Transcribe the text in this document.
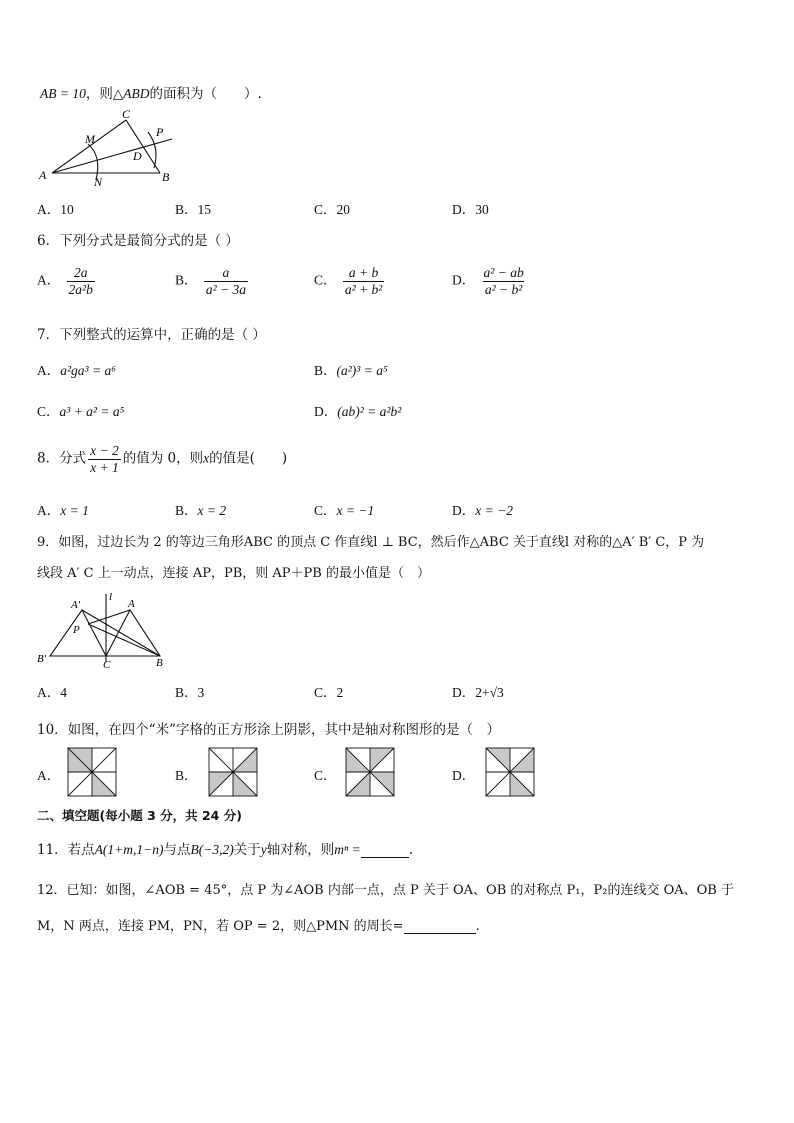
AB = 10，则△ABD的面积为（　　）.
A	B
C
D
M
N
P
A．10	B．15	C．20	D．30
6．下列分式是最简分式的是（ ）
A． $\frac{2a}{\text{2a²b}}$	B． $\frac{a}{\text{a² − 3a}}$	C． $\frac{a + b}{\text{a² + b²}}$	D． $\frac{\text{a² − ab}}{\text{a² − b²}}$
7．下列整式的运算中，正确的是（ ）
A．a²ga³ = a⁶	B．(a²)³ = a⁵
C．a³ + a² = a⁵	D．(ab)² = a²b²
8．分式 $\frac{x - 2}{x + 1}$ 的值为 0，则x的值是(　　)
A．x = 1	B．x = 2	C．x = −1	D．x = −2
9．如图，过边长为 2 的等边三角形ABC 的顶点 C 作直线l ⊥ BC，然后作△ABC 关于直线l 对称的△A′ B′ C，P 为
线段 A′ C 上一动点，连接 AP，PB，则 AP＋PB 的最小值是（　）
A′
l
A
P
B′	C	B
A．4	B．3	C．2	D．2+√3
10．如图，在四个“米”字格的正方形涂上阴影，其中是轴对称图形的是（　）
A．	B．	C．	D．
二、填空题(每小题 3 分，共 24 分)
11．若点A(1+m,1−n)与点B(−3,2)关于y轴对称，则mⁿ =	.
12．已知：如图，∠AOB = 45°，点 P 为∠AOB 内部一点，点 P 关于 OA、OB 的对称点 P₁，P₂的连线交 OA、OB 于
M，N 两点，连接 PM，PN，若 OP = 2，则△PMN 的周长=	.
